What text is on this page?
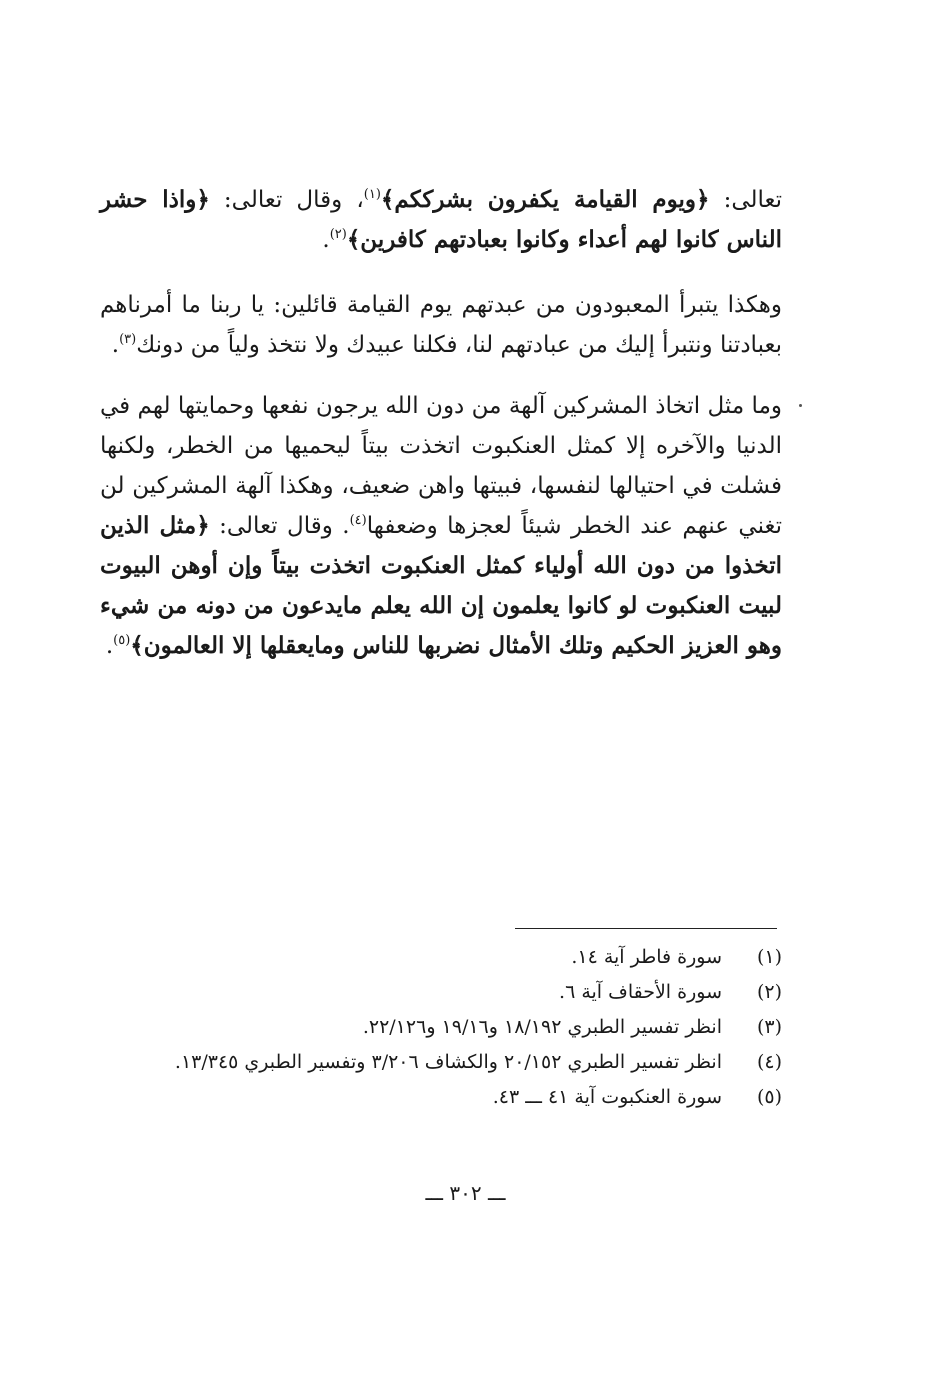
تعالى: ﴿ويوم القيامة يكفرون بشرككم﴾$^{(١)}$، وقال تعالى: ﴿واذا حشر الناس كانوا لهم أعداء وكانوا بعبادتهم كافرين﴾$^{(٢)}$.

وهكذا يتبرأ المعبودون من عبدتهم يوم القيامة قائلين: يا ربنا ما أمرناهم بعبادتنا ونتبرأ إليك من عبادتهم لنا، فكلنا عبيدك ولا نتخذ ولياً من دونك$^{(٣)}$.

وما مثل اتخاذ المشركين آلهة من دون الله يرجون نفعها وحمايتها لهم في الدنيا والآخره إلا كمثل العنكبوت اتخذت بيتاً ليحميها من الخطر، ولكنها فشلت في احتيالها لنفسها، فبيتها واهن ضعيف، وهكذا آلهة المشركين لن تغني عنهم عند الخطر شيئاً لعجزها وضعفها$^{(٤)}$. وقال تعالى: ﴿مثل الذين اتخذوا من دون الله أولياء كمثل العنكبوت اتخذت بيتاً وإن أوهن البيوت لبيت العنكبوت لو كانوا يعلمون إن الله يعلم مايدعون من دونه من شيء وهو العزيز الحكيم وتلك الأمثال نضربها للناس ومايعقلها إلا العالمون﴾$^{(٥)}$.

(١)
سورة فاطر آية ١٤.
(٢)
سورة الأحقاف آية ٦.
(٣)
انظر تفسير الطبري ١٨/١٩٢ و١٩/١٦ و٢٢/١٢٦.
(٤)
انظر تفسير الطبري ٢٠/١٥٢ والكشاف ٣/٢٠٦ وتفسير الطبري ١٣/٣٤٥.
(٥)
سورة العنكبوت آية ٤١ ـــ ٤٣.
ـــ ٣٠٢ ـــ
